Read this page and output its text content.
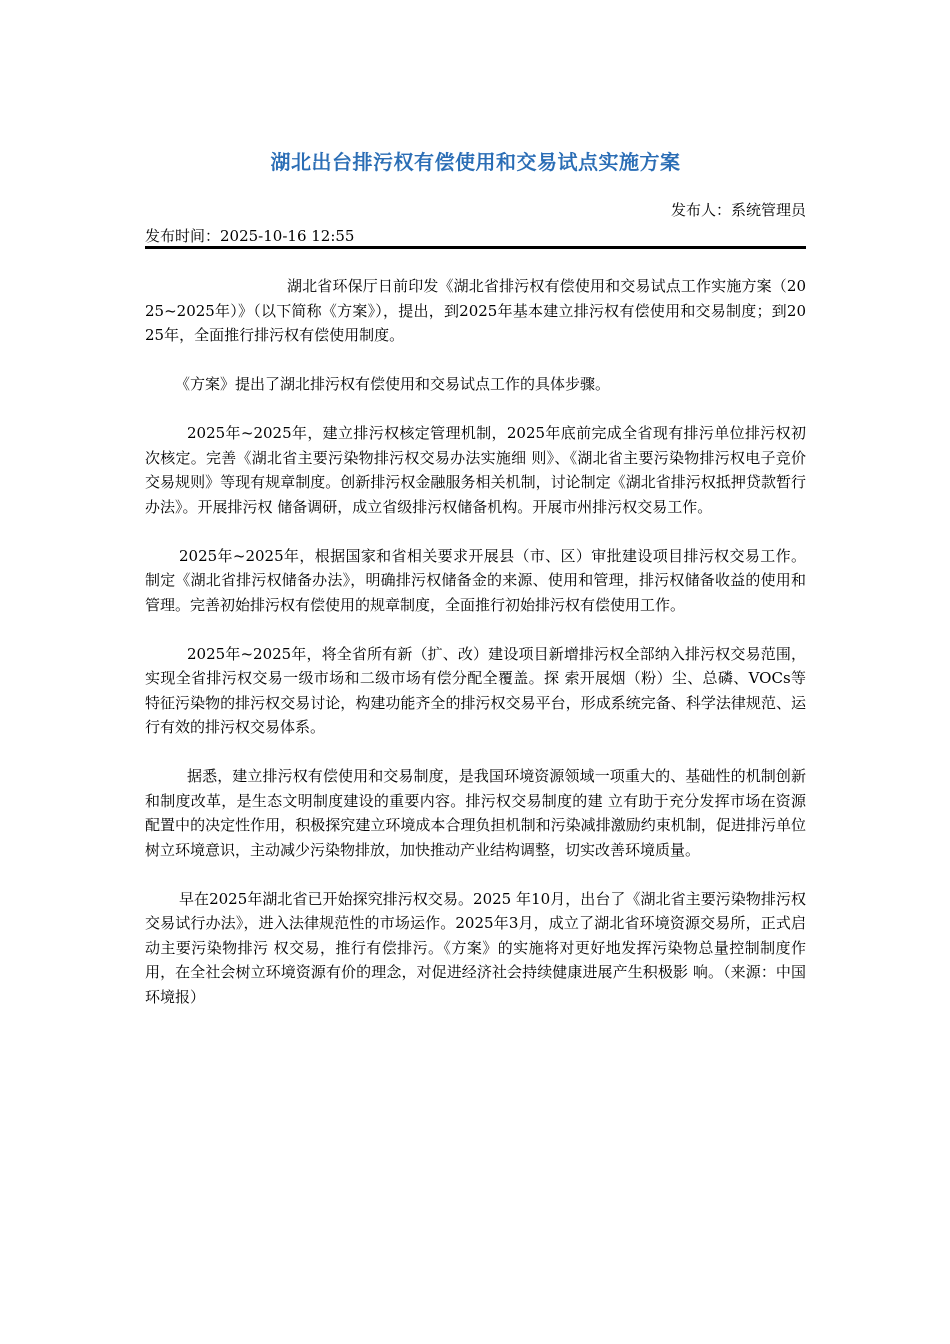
湖北出台排污权有偿使用和交易试点实施方案
发布人：系统管理员
发布时间：2025-10-16 12:55

湖北省环保厅日前印发《湖北省排污权有偿使用和交易试点工作实施方案（2025~2025年）》（以下简称《方案》），提出，到2025年基本建立排污权有偿使用和交易制度；到2025年，全面推行排污权有偿使用制度。

《方案》提出了湖北排污权有偿使用和交易试点工作的具体步骤。

2025年~2025年，建立排污权核定管理机制，2025年底前完成全省现有排污单位排污权初次核定。完善《湖北省主要污染物排污权交易办法实施细 则》、《湖北省主要污染物排污权电子竞价交易规则》等现有规章制度。创新排污权金融服务相关机制，讨论制定《湖北省排污权抵押贷款暂行办法》。开展排污权 储备调研，成立省级排污权储备机构。开展市州排污权交易工作。

2025年~2025年，根据国家和省相关要求开展县（市、区）审批建设项目排污权交易工作。制定《湖北省排污权储备办法》，明确排污权储备金的来源、使用和管理，排污权储备收益的使用和管理。完善初始排污权有偿使用的规章制度，全面推行初始排污权有偿使用工作。

2025年~2025年，将全省所有新（扩、改）建设项目新增排污权全部纳入排污权交易范围，实现全省排污权交易一级市场和二级市场有偿分配全覆盖。探 索开展烟（粉）尘、总磷、VOCs等特征污染物的排污权交易讨论，构建功能齐全的排污权交易平台，形成系统完备、科学法律规范、运行有效的排污权交易体系。

据悉，建立排污权有偿使用和交易制度，是我国环境资源领域一项重大的、基础性的机制创新和制度改革，是生态文明制度建设的重要内容。排污权交易制度的建 立有助于充分发挥市场在资源配置中的决定性作用，积极探究建立环境成本合理负担机制和污染减排激励约束机制，促进排污单位树立环境意识，主动减少污染物排放，加快推动产业结构调整，切实改善环境质量。

早在2025年湖北省已开始探究排污权交易。2025 年10月，出台了《湖北省主要污染物排污权交易试行办法》，进入法律规范性的市场运作。2025年3月，成立了湖北省环境资源交易所，正式启动主要污染物排污 权交易，推行有偿排污。《方案》的实施将对更好地发挥污染物总量控制制度作用，在全社会树立环境资源有价的理念，对促进经济社会持续健康进展产生积极影 响。（来源：中国环境报）
